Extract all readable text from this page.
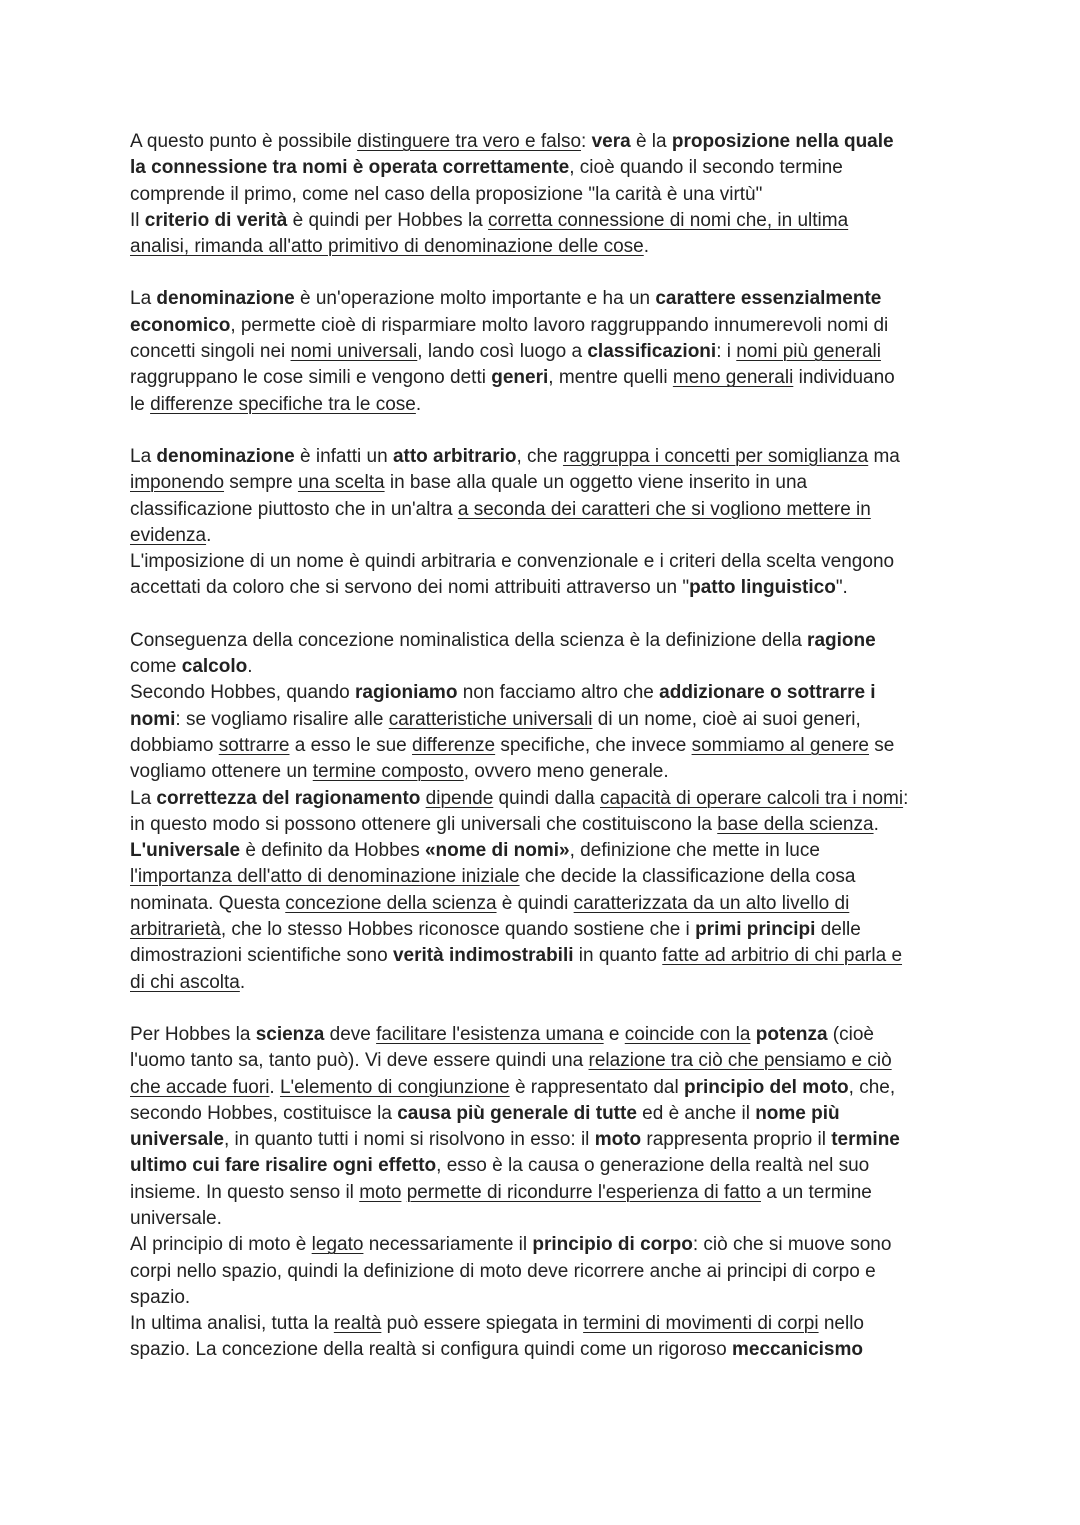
A questo punto è possibile distinguere tra vero e falso: vera è la proposizione nella quale
la connessione tra nomi è operata correttamente, cioè quando il secondo termine
comprende il primo, come nel caso della proposizione "la carità è una virtù"
Il criterio di verità è quindi per Hobbes la corretta connessione di nomi che, in ultima
analisi, rimanda all'atto primitivo di denominazione delle cose.
La denominazione è un'operazione molto importante e ha un carattere essenzialmente
economico, permette cioè di risparmiare molto lavoro raggruppando innumerevoli nomi di
concetti singoli nei nomi universali, lando così luogo a classificazioni: i nomi più generali
raggruppano le cose simili e vengono detti generi, mentre quelli meno generali individuano
le differenze specifiche tra le cose.
La denominazione è infatti un atto arbitrario, che raggruppa i concetti per somiglianza ma
imponendo sempre una scelta in base alla quale un oggetto viene inserito in una
classificazione piuttosto che in un'altra a seconda dei caratteri che si vogliono mettere in
evidenza.
L'imposizione di un nome è quindi arbitraria e convenzionale e i criteri della scelta vengono
accettati da coloro che si servono dei nomi attribuiti attraverso un "patto linguistico".
Conseguenza della concezione nominalistica della scienza è la definizione della ragione
come calcolo.
Secondo Hobbes, quando ragioniamo non facciamo altro che addizionare o sottrarre i
nomi: se vogliamo risalire alle caratteristiche universali di un nome, cioè ai suoi generi,
dobbiamo sottrarre a esso le sue differenze specifiche, che invece sommiamo al genere se
vogliamo ottenere un termine composto, ovvero meno generale.
La correttezza del ragionamento dipende quindi dalla capacità di operare calcoli tra i nomi:
in questo modo si possono ottenere gli universali che costituiscono la base della scienza.
L'universale è definito da Hobbes «nome di nomi», definizione che mette in luce
l'importanza dell'atto di denominazione iniziale che decide la classificazione della cosa
nominata. Questa concezione della scienza è quindi caratterizzata da un alto livello di
arbitrarietà, che lo stesso Hobbes riconosce quando sostiene che i primi principi delle
dimostrazioni scientifiche sono verità indimostrabili in quanto fatte ad arbitrio di chi parla e
di chi ascolta.
Per Hobbes la scienza deve facilitare l'esistenza umana e coincide con la potenza (cioè
l'uomo tanto sa, tanto può). Vi deve essere quindi una relazione tra ciò che pensiamo e ciò
che accade fuori. L'elemento di congiunzione è rappresentato dal principio del moto, che,
secondo Hobbes, costituisce la causa più generale di tutte ed è anche il nome più
universale, in quanto tutti i nomi si risolvono in esso: il moto rappresenta proprio il termine
ultimo cui fare risalire ogni effetto, esso è la causa o generazione della realtà nel suo
insieme. In questo senso il moto permette di ricondurre l'esperienza di fatto a un termine
universale.
Al principio di moto è legato necessariamente il principio di corpo: ciò che si muove sono
corpi nello spazio, quindi la definizione di moto deve ricorrere anche ai principi di corpo e
spazio.
In ultima analisi, tutta la realtà può essere spiegata in termini di movimenti di corpi nello
spazio. La concezione della realtà si configura quindi come un rigoroso meccanicismo
